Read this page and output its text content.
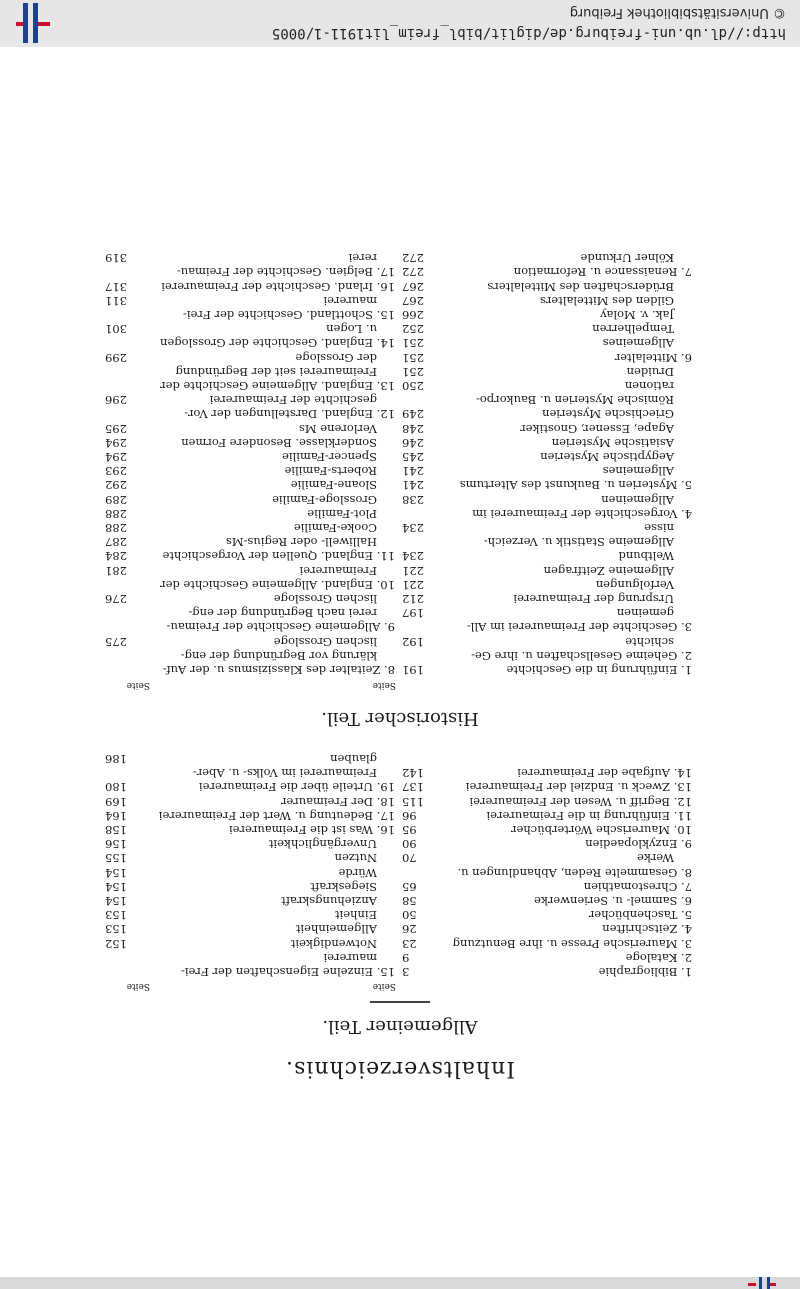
Inhaltsverzeichnis.
Allgemeiner Teil.
Seite
Seite
1. Bibliographie
3
2. Kataloge
9
3. Maurerische Presse u. ihre Benutzung
23
4. Zeitschriften
26
5. Taschenbücher
50
6. Sammel- u. Serienwerke
58
7. Chrestomathien
65
8. Gesammelte Reden, Abhandlungen u.
Werke
70
9. Enzyklopaedien
90
10. Maurerische Wörterbücher
95
11. Einführung in die Freimaurerei
96
12. Begriff u. Wesen der Freimaurerei
115
13. Zweck u. Endziel der Freimaurerei
137
14. Aufgabe der Freimaurerei
142
15. Einzelne Eigenschaften der Frei-
maurerei
Notwendigkeit
152
Allgemeinheit
153
Einheit
153
Anziehungskraft
154
Siegeskraft
154
Würde
154
Nutzen
155
Unvergänglichkeit
156
16. Was ist die Freimaurerei
158
17. Bedeutung u. Wert der Freimaurerei
164
18. Der Freimaurer
169
19. Urteile über die Freimaurerei
180
Freimaurerei im Volks- u. Aber-
glauben
186
Historischer Teil.
Seite
Seite
1. Einführung in die Geschichte
191
2. Geheime Gesellschaften u. ihre Ge-
schichte
192
3. Geschichte der Freimaurerei im All-
gemeinen
197
Ursprung der Freimaurerei
212
Verfolgungen
221
Allgemeine Zeitfragen
221
Weltbund
234
Allgemeine Statistik u. Verzeich-
nisse
234
4. Vorgeschichte der Freimaurerei im
Allgemeinen
238
5. Mysterien u. Baukunst des Altertums
241
Allgemeines
241
Aegyptische Mysterien
245
Asiatische Mysterien
246
Agape, Essener, Gnostiker
248
Griechische Mysterien
249
Römische Mysterien u. Baukorpo-
rationen
250
Druiden
251
6. Mittelalter
251
Allgemeines
251
Tempelherren
252
Jak. v. Molay
266
Gilden des Mittelalters
267
Brüderschaften des Mittelalters
267
7. Renaissance u. Reformation
272
Kölner Urkunde
272
8. Zeitalter des Klassizismus u. der Auf-
klärung vor Begründung der eng-
lischen Grossloge
275
9. Allgemeine Geschichte der Freimau-
rerei nach Begründung der eng-
lischen Grossloge
276
10. England. Allgemeine Geschichte der
Freimaurerei
281
11. England. Quellen der Vorgeschichte
284
Halliwell- oder Regius-Ms
287
Cooke-Familie
288
Plot-Familie
288
Grossloge-Familie
289
Sloane-Familie
292
Roberts-Familie
293
Spencer-Familie
294
Sonderklasse. Besondere Formen
294
Verlorene Ms
295
12. England. Darstellungen der Vor-
geschichte der Freimaurerei
296
13. England. Allgemeine Geschichte der
Freimaurerei seit der Begründung
der Grossloge
299
14. England. Geschichte der Grosslogen
u. Logen
301
15. Schottland. Geschichte der Frei-
maurerei
311
16. Irland. Geschichte der Freimaurerei
317
17. Belgien. Geschichte der Freimau-
rerei
319
http://dl.ub.uni-freiburg.de/diglit/bibl_freim_lit1911-1/0005
© Universitätsbibliothek Freiburg
